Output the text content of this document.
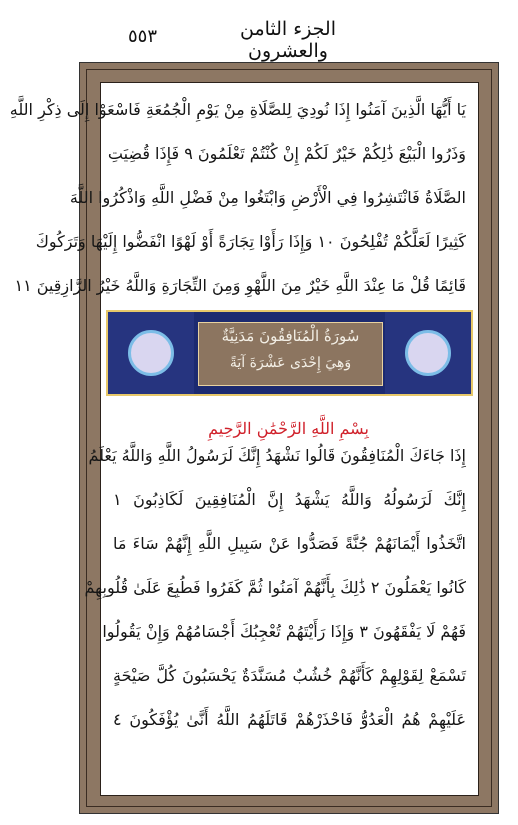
٥٥٣	الجزء الثامن والعشرون
يَا أَيُّهَا الَّذِينَ آمَنُوا إِذَا نُودِيَ لِلصَّلَاةِ مِنْ يَوْمِ الْجُمُعَةِ فَاسْعَوْا إِلَى ذِكْرِ اللَّهِ
وَذَرُوا الْبَيْعَ ذَٰلِكُمْ خَيْرٌ لَكُمْ إِنْ كُنْتُمْ تَعْلَمُونَ ٩ فَإِذَا قُضِيَتِ
الصَّلَاةُ فَانْتَشِرُوا فِي الْأَرْضِ وَابْتَغُوا مِنْ فَضْلِ اللَّهِ وَاذْكُرُوا اللَّهَ
كَثِيرًا لَعَلَّكُمْ تُفْلِحُونَ ١٠ وَإِذَا رَأَوْا تِجَارَةً أَوْ لَهْوًا انْفَضُّوا إِلَيْهَا وَتَرَكُوكَ
قَائِمًا قُلْ مَا عِنْدَ اللَّهِ خَيْرٌ مِنَ اللَّهْوِ وَمِنَ التِّجَارَةِ وَاللَّهُ خَيْرُ الرَّازِقِينَ ١١
إِذَا جَاءَكَ الْمُنَافِقُونَ قَالُوا نَشْهَدُ إِنَّكَ لَرَسُولُ اللَّهِ وَاللَّهُ يَعْلَمُ
إِنَّكَ لَرَسُولُهُ وَاللَّهُ يَشْهَدُ إِنَّ الْمُنَافِقِينَ لَكَاذِبُونَ ١
اتَّخَذُوا أَيْمَانَهُمْ جُنَّةً فَصَدُّوا عَنْ سَبِيلِ اللَّهِ إِنَّهُمْ سَاءَ مَا
كَانُوا يَعْمَلُونَ ٢ ذَٰلِكَ بِأَنَّهُمْ آمَنُوا ثُمَّ كَفَرُوا فَطُبِعَ عَلَىٰ قُلُوبِهِمْ
فَهُمْ لَا يَفْقَهُونَ ٣ وَإِذَا رَأَيْتَهُمْ تُعْجِبُكَ أَجْسَامُهُمْ وَإِنْ يَقُولُوا
تَسْمَعْ لِقَوْلِهِمْ كَأَنَّهُمْ خُشُبٌ مُسَنَّدَةٌ يَحْسَبُونَ كُلَّ صَيْحَةٍ
عَلَيْهِمْ هُمُ الْعَدُوُّ فَاحْذَرْهُمْ قَاتَلَهُمُ اللَّهُ أَنَّىٰ يُؤْفَكُونَ ٤
سُورَةُ الْمُنَافِقُونَ مَدَنِيَّةٌ
وَهِيَ إِحْدَى عَشْرَةَ آيَةً
بِسْمِ اللَّهِ الرَّحْمَٰنِ الرَّحِيمِ
